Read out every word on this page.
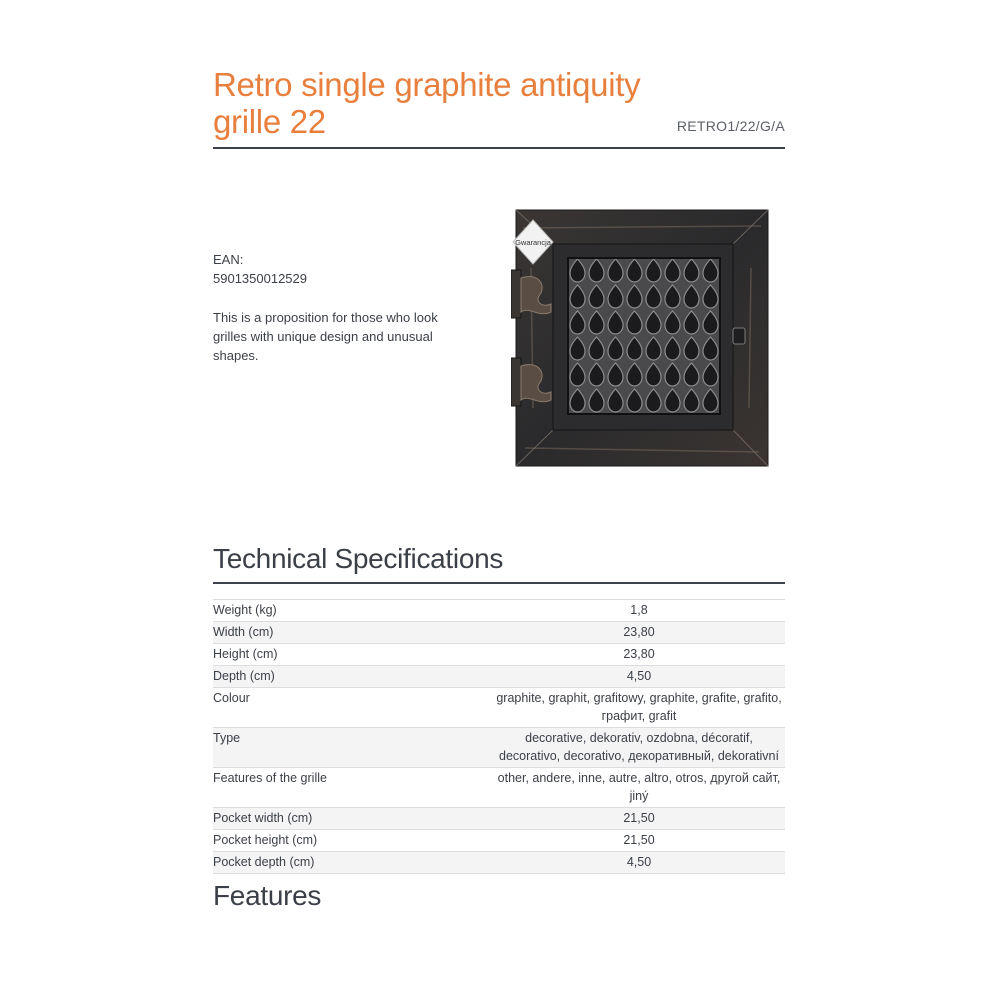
Retro single graphite antiquity grille 22	RETRO1/22/G/A
EAN:
5901350012529
This is a proposition for those who look grilles with unique design and unusual shapes.
Gwarancja
Technical Specifications
Weight (kg)	1,8
Width (cm)	23,80
Height (cm)	23,80
Depth (cm)	4,50
Colour	graphite, graphit, grafitowy, graphite, grafite, grafito, графит, grafit
Type	decorative, dekorativ, ozdobna, décoratif, decorativo, decorativo, декоративный, dekorativní
Features of the grille	other, andere, inne, autre, altro, otros, другой сайт, jiný
Pocket width (cm)	21,50
Pocket height (cm)	21,50
Pocket depth (cm)	4,50
Features
